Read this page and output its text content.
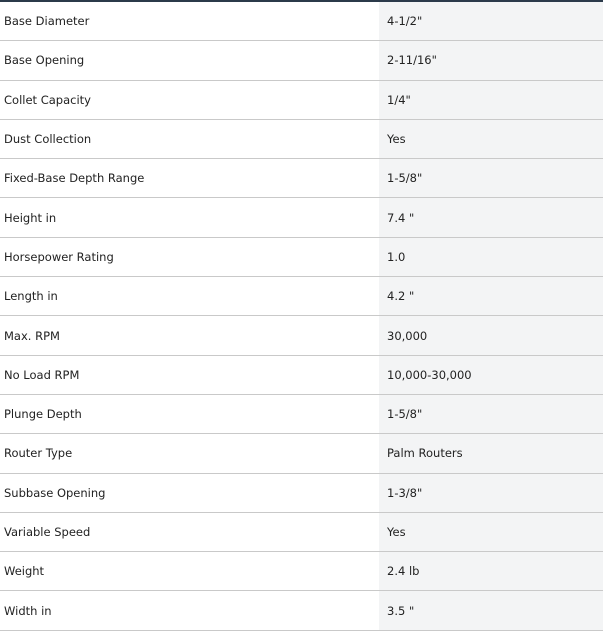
Base Diameter	4-1/2"
Base Opening	2-11/16"
Collet Capacity	1/4"
Dust Collection	Yes
Fixed-Base Depth Range	1-5/8"
Height in	7.4 "
Horsepower Rating	1.0
Length in	4.2 "
Max. RPM	30,000
No Load RPM	10,000-30,000
Plunge Depth	1-5/8"
Router Type	Palm Routers
Subbase Opening	1-3/8"
Variable Speed	Yes
Weight	2.4 lb
Width in	3.5 "
